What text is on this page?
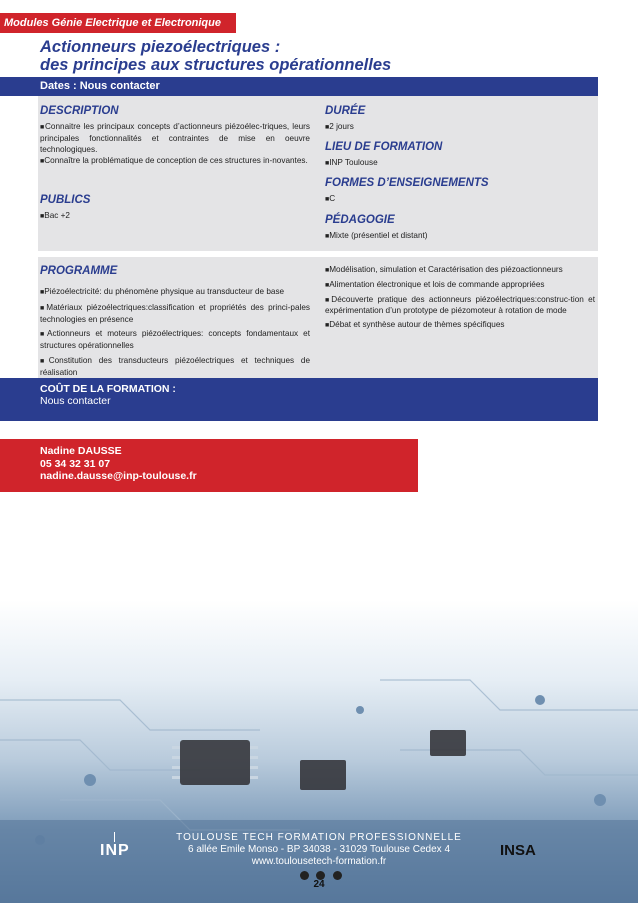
Modules Génie Electrique et Electronique
Actionneurs piezoélectriques :
des principes aux structures opérationnelles
Dates : Nous contacter
DESCRIPTION

■ Connaitre les principaux concepts d’actionneurs piézoélec-triques, leurs principales fonctionnalités et contraintes de mise en oeuvre technologiques.

■ Connaître la problématique de conception de ces structures in-novantes.

PUBLICS

■ Bac +2

DURÉE

■ 2 jours

LIEU DE FORMATION

■ INP Toulouse

FORMES D’ENSEIGNEMENTS

■ C

PÉDAGOGIE

■ Mixte (présentiel et distant)

PROGRAMME

■ Piézoélectricité: du phénomène physique au transducteur de base

■ Matériaux piézoélectriques:classification et propriétés des princi-pales technologies en présence

■ Actionneurs et moteurs piézoélectriques: concepts fondamentaux et structures opérationnelles

■ Constitution des transducteurs piézoélectriques et techniques de réalisation

■ Modélisation, simulation et Caractérisation des piézoactionneurs

■ Alimentation électronique et lois de commande appropriées

■ Découverte pratique des actionneurs piézoélectriques:construc-tion et expérimentation d’un prototype de piézomoteur à rotation de mode

■ Débat et synthèse autour de thèmes spécifiques

COÛT DE LA FORMATION :
Nous contacter
Nadine DAUSSE
05 34 32 31 07
nadine.dausse@inp-toulouse.fr
INP
TOULOUSE TECH FORMATION PROFESSIONNELLE
6 allée Emile Monso - BP 34038 - 31029 Toulouse Cedex 4
www.toulousetech-formation.fr
INSA

24
